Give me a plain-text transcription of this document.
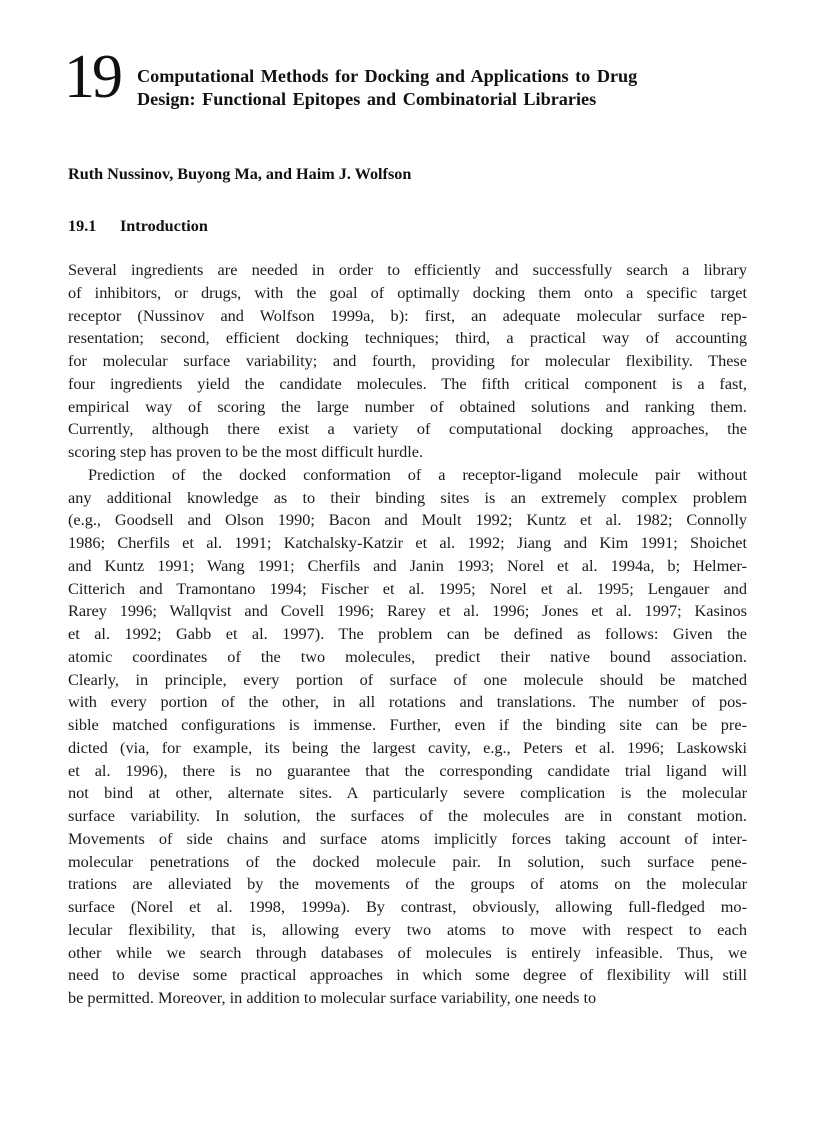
19 Computational Methods for Docking and Applications to Drug
Design: Functional Epitopes and Combinatorial Libraries
Ruth Nussinov, Buyong Ma, and Haim J. Wolfson
19.1 Introduction
Several ingredients are needed in order to efficiently and successfully search a library
of inhibitors, or drugs, with the goal of optimally docking them onto a specific target
receptor (Nussinov and Wolfson 1999a, b): first, an adequate molecular surface rep-
resentation; second, efficient docking techniques; third, a practical way of accounting
for molecular surface variability; and fourth, providing for molecular flexibility. These
four ingredients yield the candidate molecules. The fifth critical component is a fast,
empirical way of scoring the large number of obtained solutions and ranking them.
Currently, although there exist a variety of computational docking approaches, the
scoring step has proven to be the most difficult hurdle.
Prediction of the docked conformation of a receptor-ligand molecule pair without
any additional knowledge as to their binding sites is an extremely complex problem
(e.g., Goodsell and Olson 1990; Bacon and Moult 1992; Kuntz et al. 1982; Connolly
1986; Cherfils et al. 1991; Katchalsky-Katzir et al. 1992; Jiang and Kim 1991; Shoichet
and Kuntz 1991; Wang 1991; Cherfils and Janin 1993; Norel et al. 1994a, b; Helmer-
Citterich and Tramontano 1994; Fischer et al. 1995; Norel et al. 1995; Lengauer and
Rarey 1996; Wallqvist and Covell 1996; Rarey et al. 1996; Jones et al. 1997; Kasinos
et al. 1992; Gabb et al. 1997). The problem can be defined as follows: Given the
atomic coordinates of the two molecules, predict their native bound association.
Clearly, in principle, every portion of surface of one molecule should be matched
with every portion of the other, in all rotations and translations. The number of pos-
sible matched configurations is immense. Further, even if the binding site can be pre-
dicted (via, for example, its being the largest cavity, e.g., Peters et al. 1996; Laskowski
et al. 1996), there is no guarantee that the corresponding candidate trial ligand will
not bind at other, alternate sites. A particularly severe complication is the molecular
surface variability. In solution, the surfaces of the molecules are in constant motion.
Movements of side chains and surface atoms implicitly forces taking account of inter-
molecular penetrations of the docked molecule pair. In solution, such surface pene-
trations are alleviated by the movements of the groups of atoms on the molecular
surface (Norel et al. 1998, 1999a). By contrast, obviously, allowing full-fledged mo-
lecular flexibility, that is, allowing every two atoms to move with respect to each
other while we search through databases of molecules is entirely infeasible. Thus, we
need to devise some practical approaches in which some degree of flexibility will still
be permitted. Moreover, in addition to molecular surface variability, one needs to
